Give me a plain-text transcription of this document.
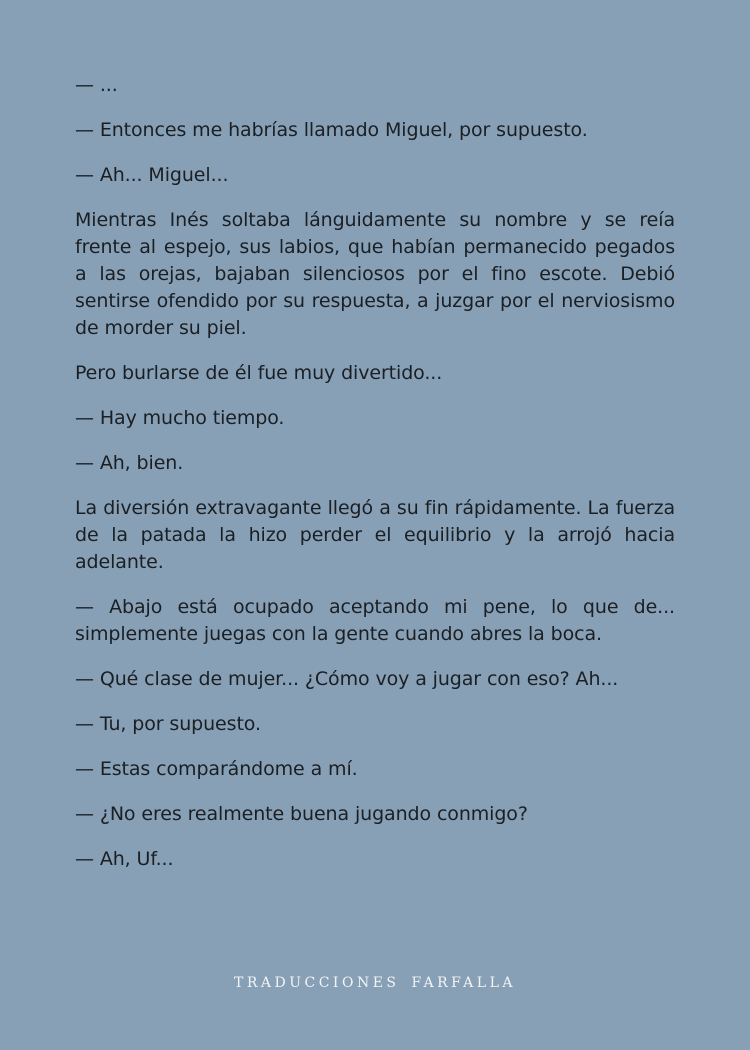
— ...

— Entonces me habrías llamado Miguel, por supuesto.

— Ah... Miguel...

Mientras Inés soltaba lánguidamente su nombre y se reía frente al espejo, sus labios, que habían permanecido pegados a las orejas, bajaban silenciosos por el fino escote. Debió sentirse ofendido por su respuesta, a juzgar por el nerviosismo de morder su piel.

Pero burlarse de él fue muy divertido...

— Hay mucho tiempo.

— Ah, bien.

La diversión extravagante llegó a su fin rápidamente. La fuerza de la patada la hizo perder el equilibrio y la arrojó hacia adelante.

— Abajo está ocupado aceptando mi pene, lo que de... simplemente juegas con la gente cuando abres la boca.

— Qué clase de mujer... ¿Cómo voy a jugar con eso? Ah...

— Tu, por supuesto.

— Estas comparándome a mí.

— ¿No eres realmente buena jugando conmigo?

— Ah, Uf...

TRADUCCIONES FARFALLA
